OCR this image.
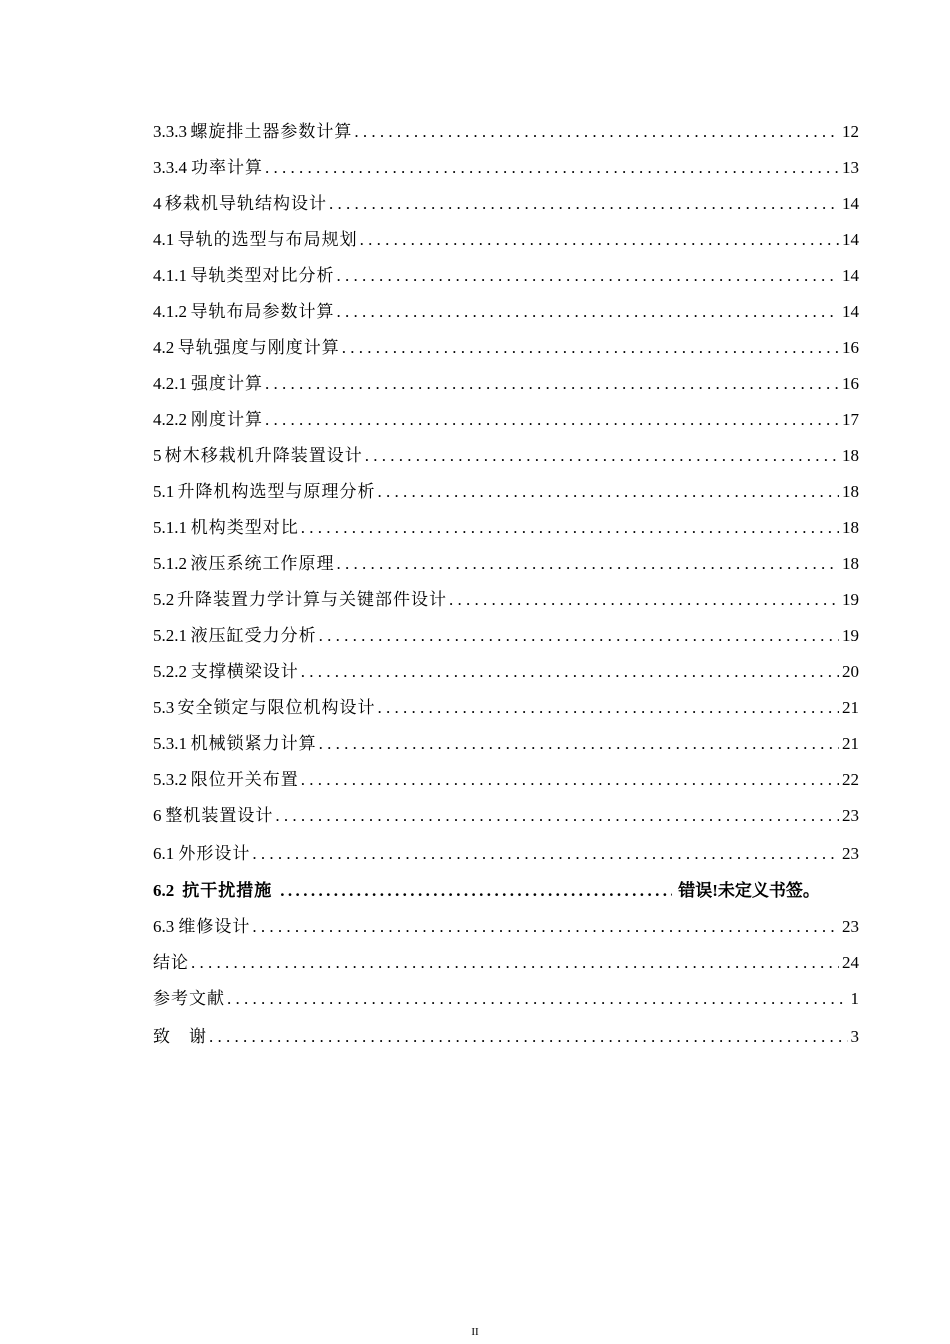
3.3.3 螺旋排土器参数计算 . . .	12
3.3.4 功率计算 . . .	13
4 移栽机导轨结构设计 . . .	14
4.1 导轨的选型与布局规划 . . .	14
4.1.1 导轨类型对比分析 . . .	14
4.1.2 导轨布局参数计算 . . .	14
4.2 导轨强度与刚度计算 . . .	16
4.2.1 强度计算 . . .	16
4.2.2 刚度计算 . . .	17
5 树木移栽机升降装置设计 . . .	18
5.1 升降机构选型与原理分析 . . .	18
5.1.1 机构类型对比 . . .	18
5.1.2 液压系统工作原理 . . .	18
5.2 升降装置力学计算与关键部件设计 . . .	19
5.2.1 液压缸受力分析 . . .	19
5.2.2 支撑横梁设计 . . .	20
5.3 安全锁定与限位机构设计 . . .	21
5.3.1 机械锁紧力计算 . . .	21
5.3.2 限位开关布置 . . .	22
6 整机装置设计 . . .	23
6.1 外形设计 . . .	23
6.2 抗干扰措施 .....	错误!未定义书签。
6.3 维修设计 . . .	23
结论 . . .	24
参考文献 . . .	1
致　谢 . . .	3
II
